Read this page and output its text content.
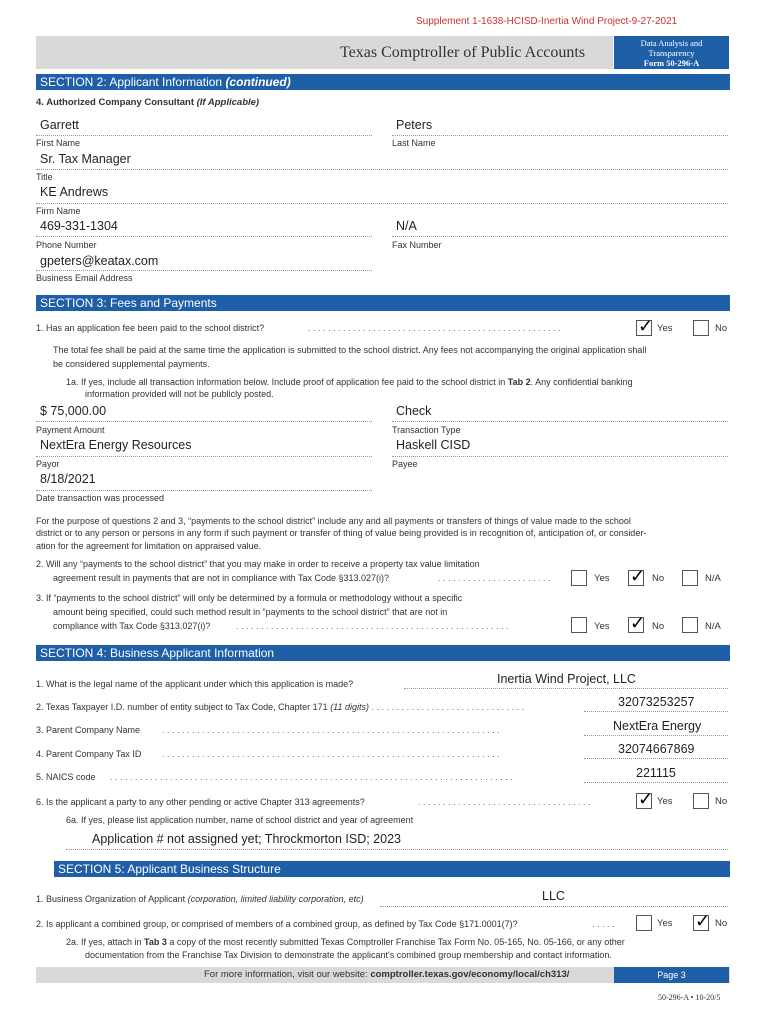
Supplement 1-1638-HCISD-Inertia Wind Project-9-27-2021
Texas Comptroller of Public Accounts
Data Analysis and
Transparency
Form 50-296-A
SECTION 2: Applicant Information (continued)
4. Authorized Company Consultant (If Applicable)
Garrett
First Name
Peters
Last Name
Sr. Tax Manager
Title
KE Andrews
Firm Name
469-331-1304
Phone Number
N/A
Fax Number
gpeters@keatax.com
Business Email Address
SECTION 3: Fees and Payments
1. Has an application fee been paid to the school district?	. . . . . . . . . . . . . . . . . . . . . . . . . . . . . . . . . . . . . . . . . . . . . . . . . . .	✓ Yes	No
The total fee shall be paid at the same time the application is submitted to the school district. Any fees not accompanying the original application shall
be considered supplemental payments.
1a. If yes, include all transaction information below. Include proof of application fee paid to the school district in Tab 2. Any confidential banking
information provided will not be publicly posted.
$ 75,000.00
Payment Amount
Check
Transaction Type
NextEra Energy Resources
Payor
Haskell CISD
Payee
8/18/2021
Date transaction was processed
For the purpose of questions 2 and 3, “payments to the school district” include any and all payments or transfers of things of value made to the school
district or to any person or persons in any form if such payment or transfer of thing of value being provided is in recognition of, anticipation of, or consider-
ation for the agreement for limitation on appraised value.
2. Will any “payments to the school district” that you may make in order to receive a property tax value limitation
agreement result in payments that are not in compliance with Tax Code §313.027(i)?	. . . . . . . . . . . . . . . . . . . . . . .	Yes ✓ No	N/A
3. If “payments to the school district” will only be determined by a formula or methodology without a specific
amount being specified, could such method result in “payments to the school district” that are not in
compliance with Tax Code §313.027(i)?	. . . . . . . . . . . . . . . . . . . . . . . . . . . . . . . . . . . . . . . . . . . . . . . . . . . . . . .	Yes ✓ No	N/A
SECTION 4: Business Applicant Information
1. What is the legal name of the applicant under which this application is made?	Inertia Wind Project, LLC
2. Texas Taxpayer I.D. number of entity subject to Tax Code, Chapter 171 (11 digits) . . . . . . . . . . . . . . . . . . . . . . . . . . . . . . .	32073253257
3. Parent Company Name . . . . . . . . . . . . . . . . . . . . . . . . . . . . . . . . . . . . . . . . . . . . . . . . . . . . . . . . . . . . . . . . . . . .	NextEra Energy
4. Parent Company Tax ID . . . . . . . . . . . . . . . . . . . . . . . . . . . . . . . . . . . . . . . . . . . . . . . . . . . . . . . . . . . . . . . . . . . .	32074667869
5. NAICS code . . . . . . . . . . . . . . . . . . . . . . . . . . . . . . . . . . . . . . . . . . . . . . . . . . . . . . . . . . . . . . . . . . . . . . . . . . . . . . . . .	221115
6. Is the applicant a party to any other pending or active Chapter 313 agreements?	. . . . . . . . . . . . . . . . . . . . . . . . . . . . . . . . . . .	✓ Yes	No
6a. If yes, please list application number, name of school district and year of agreement
Application # not assigned yet; Throckmorton ISD; 2023
SECTION 5: Applicant Business Structure
1. Business Organization of Applicant (corporation, limited liability corporation, etc)	LLC
2. Is applicant a combined group, or comprised of members of a combined group, as defined by Tax Code §171.0001(7)?	. . . . .	Yes ✓ No
2a. If yes, attach in Tab 3 a copy of the most recently submitted Texas Comptroller Franchise Tax Form No. 05-165, No. 05-166, or any other
documentation from the Franchise Tax Division to demonstrate the applicant's combined group membership and contact information.
For more information, visit our website: comptroller.texas.gov/economy/local/ch313/	Page 3
50-296-A • 10-20/5
